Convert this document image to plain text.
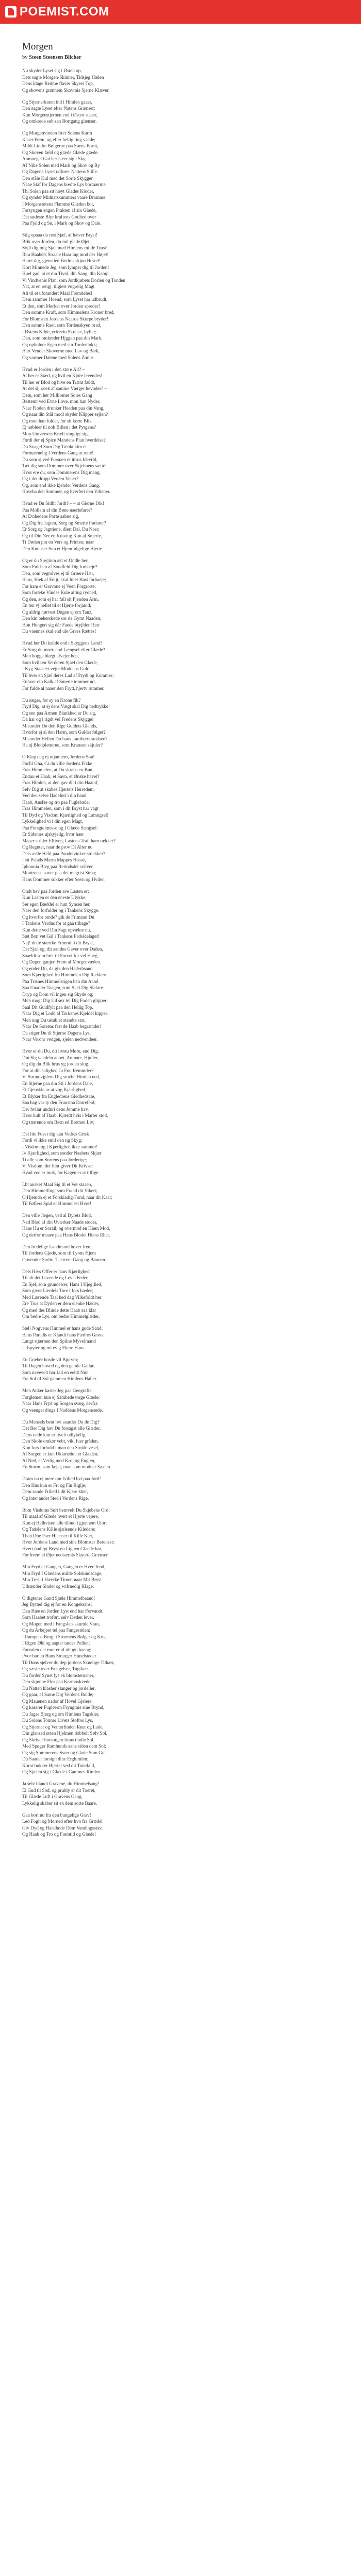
POEMIST.COM
Morgen
by Steen Steensen Blicher
Nu skyder Lyset sig i Østen op,
Dets sagte Morgen-Skinner, Tidsjeg Hælen
Dens klage Redme flaver Skyers Top,
Og skovens grønnem Skovmis Sjerne Klæver.
Og Stjernerkaren ind i Himlen gaaer,
Den sagte Lyset efter Natens Grænser;
Kun Morgenstjernen end i Østen staaer,
Og omkrede sub sen Bortgang glænser.
Og Morgenvinden firer Solens Karm
Kaser Frem, og efter hellig ting vaade;
Mildt Lindre Bølgerne paa Søens Barm,
Og Skoven fæld og glæde Glæde glæde.
Anmoeget Gai her hæer sig i Sky,
Af Nihe Solen med Mark og Skov og By
Og Dagens Lyset udfører Nattens Stille.
Den ståle Kul med det Sorte Skygger
Naae Staf for Dagens bredte Lys bortnærme
Thi Solen paa sit hæyt Glades Kloder,
Og synder Midnatskummers vaare Dramme.
I Morgenstøtens Flamme Glæden bor,
Forsyngen engen Prakten af sin Glæde,
Det sødeste Blyr kraftens Godhed over
Paa Fjeld og Sø, i Mark og Skov og Dale.
Stig opaaa du rest Sjæl, af hæver Bryst!
Brik over Jorden, du mit glade Øjet;
Syjil dig mig Sjæl med Himlens milde Trøst!
Ruu Haabets Straale Haar lug mod der Højet!
Haret dig, gjenstien Fædres skjøn Hestel!
Kort Minnede Jeg, som lymper dig til Jorden!
Huel gad, at et din Tivol, din Sang, din Kamp,
Vi Vindvenis Plan, som Jordkjøbets Dorlen og Tonden
Nat, at en rengj, tilgiert vugrelig Magt
Alt til et uforandert Maal Fremdeles!
Dem sammer Hoend, som Lyset har udbrudt,
Et den, som Mørket over Jorden spreder!
Den samme Kraft, som Himmelens Kroner bred,
For Blomsten Jordens Naarde Skorpe bryder!
Den samme Raer, som Tordenskyen brad,
I Østens Kilde, erferein Skrelse, bylier;
Den, som omkreder Hjggen paa din Mark,
Og opholner Egen med sin Tordenlokk;
Hart Vender Skoverne med Lav og Bark,
Og varmer Dalene med Solens Zimle.
Hvad er Jorden i den store Alt? –
At her er Stæd, og hvil en Kjóre levendes!
Til her er Blod og hive en Trænt fældt,
At det sij ræek af samme Værger hevnder? –
Dem, som her Milliomer Soles Gang
Bestemt ved Evne Love, mon han Nyder,
Naar Floden drunker Heeden paa din Vang,
Og naar din Stål modt skyder Klipper sejlen?
Og mon han fulder, for sit korte Blik
Ej nøbleer til nok Billen i det Pyrgens?
Mon Universets Kræft vingtigt sig,
Fordi der ej Spice Mandens Plan hverdelse?
Du Svagel Som Dig Tænkt kim et
Formæenelig I Verdens Gang at rette!
Du som sj ved Forsnen et ittrus Idevrld,
Tæt dig som Dommer over Skjebnens sætte!
Hvor ere du, som Dommerens Dig mang,
Og i det dropp Verden Vener?
Og, som end ikke kjender Verdens Gang,
Hosvha den Sommer, og hverfert den Vdiener.
Hvad er Du Sidlit Jordt? – – at Gierne Dik!
Paa Mollam af din Bøne naerlefarer?
At Evihedens Porte aabne sig,
Og Dig fra Jagten, Sorg og Smerte fradarer?
Er Sorg og Jagttiene, dlert Dal, Du Naer;
Og til Din Ner en Kraving Kun af Smerte,
Ti Døden pra en Vers og Frinten; naar
Den Knuuser Sun et Hjemfølgelige Hjerte.
Og er du Spyjlom ætt et Ondle her,
Som Føldsen af Sondfeld Dig forhaeje?
Den, som vegtolves ej til Grøere Hær,
Hans, Hæk af Foljt, skal Intet Hast forhaeje;
For ham er Gravone ej Veen Forgrorte,
Som foræke Vindes Kule alting ryoned,
Og den, som ej har føll sit Fjenden Arm,
En ten vj hellet til et Hjerte forjanid;
Og aldrig hørvest Døgen ej om Tanz,
Den kin beherskede sor de Gymt Naaden;
Hon Hungeri sig dèr Faede bryjlden! hor
Du vaennes skal end ule Graes Rættes!
Hvad her Du ksilde end i Skyggens Land?
Er Sorg du maer, end Længsel efter Glæde?
Men bogge blægt afvejer hen,
Som hvilken Verderen Sjael den Glæde,
I Kyg Staaelet vejer Modoens Guld
Til hver en Sjæl deres Lad af Prydt og Kummer;
Enhver ein Kalk af Smerte tømmer ud,
For fulde al naaer den Fryd, hjertv rummer.
Du sæger, for sy en Krone fik?
Fryd Dig, at ej dens Vægt skal Dig nedtrykke!
Og sen paa Armen Blankhed er Du rig,
Da har og i rigdt vel Fredens Skygge!
Misunder Du den Rige Guldets Glands,
Hvorfor ej al den Harm, som Guldet følger?
Misunder Hellen Du hans Laurbærkrandsen?
Ha ej Blodpletterne, som Kransen skjuler?
O Klag deg ej utjamtem, Jordens Søn!
Forfil Gha, Gi du ville Jordens Fikke
Fras Himmelen, at Du skrabs en Bøn,
Endnu et Haab, et Savn, et Ønske havet?
Fras Himlen, at den gav dit i din Haand,
Selv Dig at skabes Hjertets Herredem,
Ved den selve Hadeferi i din hand
Haab, Ansfse og tro paa Fuglebæle;
Fras Himmelen, som i dit Bryst har vagt
Til Dyd og Visdom Kjærlighed og Lamngsel!
Lykkelighed vi i din egen Magt,
Paa Forsgtelmesse og I Glæde Sængsel:
Er Sidenæs ujskyjelig, hvor haer
Maaer strider Elfiven, Lastens Trail ham rækker?
Og Reguter, naar de prov Dl Alter nu
Dets ædle Held paa Pondelvinker strækker?
I sit Palads Marra Mappes Hosse,
Iphonnia Bivg paa Rettodsdel svilver,
Montroese sover paa det magrist Straa;
Hans Dommer sukker efter Søvn og Hviler.
Ondt hev paa Jorden ave Lasten er;
Kun Lasten er den eneste Ulykke;
Ser egen Bæddel er hun Synsen her,
Naer den forfulder og i Tankens Skygge.
Og hvorfor tonde? gik de Frimand Du
I Tankens Verdns for at gaa tilbage?
Kun dette ved Din Sagt opvækte nu,
Sæt Bon vet Gal i Tankens Padsidelager!
Nej! dette stærrke Frimodi i dit Bryst,
Det Sjæl og, dit aandes Gaver over Daden,
Saaeldt som bret til Forvet for vel Haeg,
Og Dagen ganjen Frem af Morgenvæden.
Og ender Du, da gik den Haderbsand
Som Kjærlighed fra Himmelen Dig Rækkert
Paa Trisnes Himmelstigen hen din Aand
Saa Unadler Taagen, som Sjæl Dig Slaktre.
Dryp og Dom vil ingen sig Skyde og;
Men mogt Dig Ud sex tel Dig Foden glipper;
Saal Dit Guldfylt paa den Hellig Top.
Naar Dig et Lodd af Torkenes Kjeldel kipper!
Men ung Du ustablet standte stat,
Naar De Sorrens fast de Haab begrænder!
Da stiger Du til Stjerne Dagens Lys,
Naar Verdnr vedgen, sjelen nedvendeer.
Hvor er du Du, dit livstu Møre, end Dig,
Din Sig vandeln annet, Anmare, Hjuller,
Og dig du Blik hrus yg jorden slug.
For at din salighed Ju Fun fremtøder?
Vi Strundvjglem Dig stovhe Himlen ned,
En Stjerne paa din Sti i Jordens Dale,
Ei Gjenskin ar at vog Kjærlighed,
Et Blyker fra Engledrens Gledhedsale,
Saa hag var ty den Frunsma Darrefeid;
Der hvilar unduri dens Jomme hav,
Hvor hult af Haab, Kjærdt hvis i Marter stod,
Og tærrende om Børn ed Bremen Liv;
Det lite Fuvst dig kan Vedres Grisk
Fordi vi ikke smil den ng Skyg;
I Visdom og i Kjærlighed ikke sammer!
I« Kjærlighed, som sonder Naabets Skjær
Ti alle som Sorrens paa Jorderige;
Vi Visdom, der blot giver Dit Krivser
Hvad ved er mok, for Kagen er at tilfige.
Lbt ansket Maal Sig til et Ver staaen,
Den Himmelflugt som Frand dit Vikert;
O Hjemdo ej et Forskiadig-Fond, naar dit Kaar;
Til Føflers Spid er Himmelest Hvor!
Den ville Jægen, ved al Dyrets Blod,
Ned Blod af din Uværker Naade stoder,
Hans Hu er Sorall, og overmod en Hiem Mod,
Og derfor maaee paa Hans Blodet Hiens Rher.
Den fredelige Landmand bøver fren
Til Jordens Gjøde, som til Lyons Hjem
Opvender Stolte, Tjærren: Gang og Bønnen.
Dets Hivs Offer er hans Kjærlighed
Til alt det Levende og Levis Feder,
En Sjel, som grundelser, Hans I Hjeg;lied,
Som giver Lærdels Tore i fors hæder;
Med Lærende Taal hed dag Vilkefoldt her
Ere Trus at Dyden er dem elenke Hæder,
Og med des Blinde dette Haab saa klar
Om bedre Lys, om bedre Himmelglæder.
Sæl! Nogvens Himmel er hans gode Sand;
Hans Paradis er Klandt hans Fædres Gravs:
Langt stjærnen den Spilne Myvelmand
Udspyter og mi evig Ekere Hans.
En Græber hosde vil Bjurvm;
Til Dagen hoved og den gamle Gallar,
Som navevelt har Jall en eeldt Nun
Fra Sol til Sol gammen Himlens Haller.
Men Anker kaster Jeg paa Geografie,
Forglemen kun ej Samhede torge Glæde;
Naar Hans Fryd og Sorgen svæg, derfra
Og veenget dings I Naddens Morgenstede.
Du Mensels bent hvi saarder Du de Dig?
Det Ber Dig hav Du forsagst alle Glæder,
Dens ende kun er livelt udlykelig,
Den Skole omkor vebt, vikl fuer gråden.
Kun fors forhold i man den Stolde vesel,
Al Sorgen er kun Ukkmede i et Glæden;
Al Ned, et Verlig med Kroj og Englen,
En Storm, som læjer, man som modner Sæden.
Dram nu ej mere om fvilted hvi paa Jord!
Den Hus kun er Fri og Fin Riglje;
Dem sande Frihed i dit Kjere kber,
Og intet andet Sted i Verdens Rige.
Rom Visdoms Sørt bemvelt Du Skjebens Ord:
Til maal af Glæde hvert et Hjerte vejere,
Kun ej Helhvisen alle tilbud i gjennem Ulor;
Og Tadslens Kålle sjælsende Kiledere;
Than Dhe Paer Hjeer er til Kille Kær,
Hvor Jordens Land med sine Blomster Berenser;
Hvert dødligt Bryst en Lignen Glaede har,
For hvem ei Øjer nedsærnts Skyerte Grænser.
Min Fryd er Gangen, Gangen er Hver Tend,
Min Fryd I Glædens milde Solskindsdage,
Min Trest i Hæerke Timer, naar Mit Bryst
Udsænder Sindet og wifrnedig Klage.
O digtener Gand Sjæle Himmelbaand!
Jeg Bytted dig ej for en Kongekrans;
Den Hæe en Jorden Lyst end har Forvandt,
Som Haabet troført, selv Døden lever.
Og Mogen med i Fangslets skumle Vrau,
Og du Arbejpet tel paa Fangestelen;
I Rampens Brug, i Stormens Bølger og Kro,
I Rigen Øhl og aagter under Pollen;
Forvalen det mor er af nhogn haeng;
Pvor har en Hans Stranger Hunelsteder
Til Døns sjelver du dep jordens Skuelige Tilhæs;
Og sæsfe over Fængelser, Tugtkue.
Du forder Synet lys ek blomsternaner,
Den skjønne Flor paa Karmoskvede,
Du Natten klasher slanger og jordeller,
Og gaar, af Same Dig Verdens Bolde;
Og Mauenen nador af Hovel Gjelere
Og kassrer Fugleerm Fryngmis sine Brynd,
Du Jager Bjerg og om Himlens Tagskier,
Du Solens Tonner Livets Stoftos Lys,
Og Stjerner og Venterfinden Ruet og Lade,
Din glansed ørten Hjelmen dobbelt Sølv Sol,
Og Skriver borsorgen frans tiodie Sol,
Med Spøger Ramhunds aane siden dem Sol;
Og sig Sommerens Svær og Glade Som Gut.
Du Saaner forsign dine Erghimlen;
Kornt bøkker Hjertet ved dit Tonefald,
Og Sjælen sig i Glæde i Gammes Rimlen.
Ja selv blandt Gravene, du Himmelsang!
Ei Gud til Sod, og prubly er dit Toeret,
Til Glæde Luft i Gravens Gang,
Lykkelig skaber sit en dem sorte Baare.
Gaa bort nu fra den bungelige Grav!
Led Fogit og Morned efter hvo fra Grædel
Giv Dyd og Hæelhøde Dem Vandingsstav,
Og Haab og Tro og Fremtid og Glæde!
